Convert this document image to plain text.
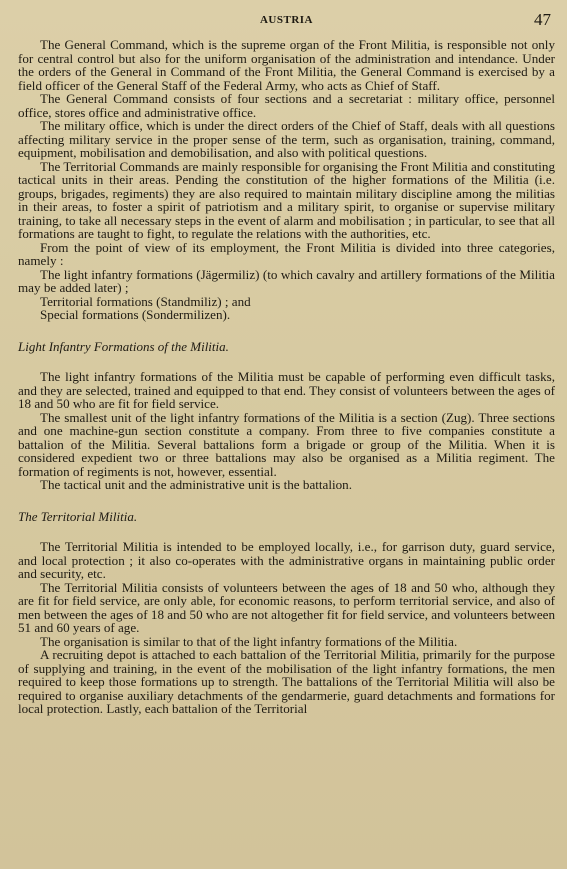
AUSTRIA	47

The General Command, which is the supreme organ of the Front Militia, is responsible not only for central control but also for the uniform organisation of the administration and intendance. Under the orders of the General in Command of the Front Militia, the General Command is exercised by a field officer of the General Staff of the Federal Army, who acts as Chief of Staff.

The General Command consists of four sections and a secretariat : military office, personnel office, stores office and administrative office.

The military office, which is under the direct orders of the Chief of Staff, deals with all questions affecting military service in the proper sense of the term, such as organisation, training, command, equipment, mobilisation and demobilisation, and also with political questions.

The Territorial Commands are mainly responsible for organising the Front Militia and constituting tactical units in their areas. Pending the constitution of the higher formations of the Militia (i.e. groups, brigades, regiments) they are also required to maintain military discipline among the militias in their areas, to foster a spirit of patriotism and a military spirit, to organise or supervise military training, to take all necessary steps in the event of alarm and mobilisation ; in particular, to see that all formations are taught to fight, to regulate the relations with the authorities, etc.

From the point of view of its employment, the Front Militia is divided into three categories, namely :

The light infantry formations (Jägermiliz) (to which cavalry and artillery formations of the Militia may be added later) ;

Territorial formations (Standmiliz) ; and

Special formations (Sondermilizen).

Light Infantry Formations of the Militia.

The light infantry formations of the Militia must be capable of performing even difficult tasks, and they are selected, trained and equipped to that end. They consist of volunteers between the ages of 18 and 50 who are fit for field service.

The smallest unit of the light infantry formations of the Militia is a section (Zug). Three sections and one machine-gun section constitute a company. From three to five companies constitute a battalion of the Militia. Several battalions form a brigade or group of the Militia. When it is considered expedient two or three battalions may also be organised as a Militia regiment. The formation of regiments is not, however, essential.

The tactical unit and the administrative unit is the battalion.

The Territorial Militia.

The Territorial Militia is intended to be employed locally, i.e., for garrison duty, guard service, and local protection ; it also co-operates with the administrative organs in maintaining public order and security, etc.

The Territorial Militia consists of volunteers between the ages of 18 and 50 who, although they are fit for field service, are only able, for economic reasons, to perform territorial service, and also of men between the ages of 18 and 50 who are not altogether fit for field service, and volunteers between 51 and 60 years of age.

The organisation is similar to that of the light infantry formations of the Militia.

A recruiting depot is attached to each battalion of the Territorial Militia, primarily for the purpose of supplying and training, in the event of the mobilisation of the light infantry formations, the men required to keep those formations up to strength. The battalions of the Territorial Militia will also be required to organise auxiliary detachments of the gendarmerie, guard detachments and formations for local protection. Lastly, each battalion of the Territorial
